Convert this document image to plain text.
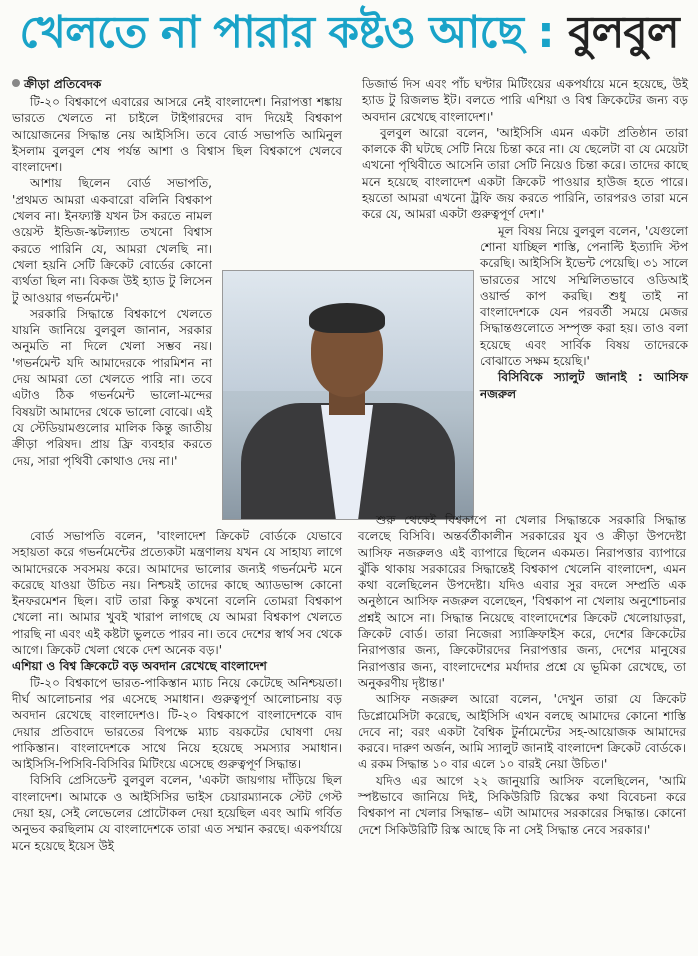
খেলতে না পারার কষ্টও আছে : বুলবুল
ক্রীড়া প্রতিবেদক

টি-২০ বিশ্বকাপে এবারের আসরে নেই বাংলাদেশ। নিরাপত্তা শঙ্কায় ভারতে খেলতে না চাইলে টাইগারদের বাদ দিয়েই বিশ্বকাপ আয়োজনের সিদ্ধান্ত নেয় আইসিসি। তবে বোর্ড সভাপতি আমিনুল ইসলাম বুলবুল শেষ পর্যন্ত আশা ও বিশ্বাস ছিল বিশ্বকাপে খেলবে বাংলাদেশ।

আশায় ছিলেন বোর্ড সভাপতি, 'প্রথমত আমরা একবারো বলিনি বিশ্বকাপ খেলব না। ইনফ্যাক্ট যখন টস করতে নামল ওয়েস্ট ইন্ডিজ-স্কটল্যান্ড তখনো বিশ্বাস করতে পারিনি যে, আমরা খেলছি না। খেলা হয়নি সেটি ক্রিকেট বোর্ডের কোনো ব্যর্থতা ছিল না। বিকজ উই হ্যাড টু লিসেন টু আওয়ার গভর্নমেন্ট।'

সরকারি সিদ্ধান্তে বিশ্বকাপে খেলতে যায়নি জানিয়ে বুলবুল জানান, সরকার অনুমতি না দিলে খেলা সম্ভব নয়। 'গভর্নমেন্ট যদি আমাদেরকে পারমিশন না দেয় আমরা তো খেলতে পারি না। তবে এটাও ঠিক গভর্নমেন্ট ভালো-মন্দের বিষয়টা আমাদের থেকে ভালো বোঝে। এই যে স্টেডিয়ামগুলোর মালিক কিন্তু জাতীয় ক্রীড়া পরিষদ। প্রায় ফ্রি ব্যবহার করতে দেয়, সারা পৃথিবী কোথাও দেয় না।'

ডিজার্ভ দিস এবং পাঁচ ঘণ্টার মিটিংয়ের একপর্যায়ে মনে হয়েছে, উই হ্যাড টু রিজলভ ইট। বলতে পারি এশিয়া ও বিশ্ব ক্রিকেটের জন্য বড় অবদান রেখেছে বাংলাদেশ।'

বুলবুল আরো বলেন, 'আইসিসি এমন একটা প্রতিষ্ঠান তারা কালকে কী ঘটছে সেটি নিয়ে চিন্তা করে না। যে ছেলেটা বা যে মেয়েটা এখনো পৃথিবীতে আসেনি তারা সেটি নিয়েও চিন্তা করে। তাদের কাছে মনে হয়েছে বাংলাদেশ একটা ক্রিকেট পাওয়ার হাউজ হতে পারে। হয়তো আমরা এখনো ট্রফি জয় করতে পারিনি, তারপরও তারা মনে করে যে, আমরা একটা গুরুত্বপূর্ণ দেশ।'

মূল বিষয় নিয়ে বুলবুল বলেন, 'যেগুলো শোনা যাচ্ছিল শাস্তি, পেনাল্টি ইত্যাদি স্টপ করেছি। আইসিসি ইভেন্ট পেয়েছি। ৩১ সালে ভারতের সাথে সম্মিলিতভাবে ওডিআই ওয়ার্ল্ড কাপ করছি। শুধু তাই না বাংলাদেশকে যেন পরবর্তী সময়ে মেজর সিদ্ধান্তগুলোতে সম্পৃক্ত করা হয়। তাও বলা হয়েছে এবং সার্বিক বিষয় তাদেরকে বোঝাতে সক্ষম হয়েছি।'

বিসিবিকে স্যালুট জানাই : আসিফ নজরুল

বোর্ড সভাপতি বলেন, 'বাংলাদেশ ক্রিকেট বোর্ডকে যেভাবে সহায়তা করে গভর্নমেন্টের প্রত্যেকটা মন্ত্রণালয় যখন যে সাহায্য লাগে আমাদেরকে সবসময় করে। আমাদের ভালোর জন্যই গভর্নমেন্ট মনে করেছে যাওয়া উচিত নয়। নিশ্চয়ই তাদের কাছে অ্যাডভান্স কোনো ইনফরমেশন ছিল। বাট তারা কিন্তু কখনো বলেনি তোমরা বিশ্বকাপ খেলো না। আমার খুবই খারাপ লাগছে যে আমরা বিশ্বকাপ খেলতে পারছি না এবং এই কষ্টটা ভুলতে পারব না। তবে দেশের স্বার্থ সব থেকে আগে। ক্রিকেট খেলা থেকে দেশ অনেক বড়।'

এশিয়া ও বিশ্ব ক্রিকেটে বড় অবদান রেখেছে বাংলাদেশ

টি-২০ বিশ্বকাপে ভারত-পাকিস্তান ম্যাচ নিয়ে কেটেছে অনিশ্চয়তা। দীর্ঘ আলোচনার পর এসেছে সমাধান। গুরুত্বপূর্ণ আলোচনায় বড় অবদান রেখেছে বাংলাদেশও। টি-২০ বিশ্বকাপে বাংলাদেশকে বাদ দেয়ার প্রতিবাদে ভারতের বিপক্ষে ম্যাচ বয়কটের ঘোষণা দেয় পাকিস্তান। বাংলাদেশকে সাথে নিয়ে হয়েছে সমস্যার সমাধান। আইসিসি-পিসিবি-বিসিবির মিটিংয়ে এসেছে গুরুত্বপূর্ণ সিদ্ধান্ত।

বিসিবি প্রেসিডেন্ট বুলবুল বলেন, 'একটা জায়গায় দাঁড়িয়ে ছিল বাংলাদেশ। আমাকে ও আইসিসির ভাইস চেয়ারম্যানকে স্টেট গেস্ট দেয়া হয়, সেই লেভেলের প্রোটোকল দেয়া হয়েছিল এবং আমি গর্বিত অনুভব করছিলাম যে বাংলাদেশকে তারা এত সম্মান করছে। একপর্যায়ে মনে হয়েছে ইয়েস উই

শুরু থেকেই বিশ্বকাপে না খেলার সিদ্ধান্তকে সরকারি সিদ্ধান্ত বলেছে বিসিবি। অন্তর্বর্তীকালীন সরকারের যুব ও ক্রীড়া উপদেষ্টা আসিফ নজরুলও এই ব্যাপারে ছিলেন একমত। নিরাপত্তার ব্যাপারে ঝুঁকি থাকায় সরকারের সিদ্ধান্তেই বিশ্বকাপ খেলেনি বাংলাদেশ, এমন কথা বলেছিলেন উপদেষ্টা। যদিও এবার সুর বদলে সম্প্রতি এক অনুষ্ঠানে আসিফ নজরুল বলেছেন, 'বিশ্বকাপ না খেলায় অনুশোচনার প্রশ্নই আসে না। সিদ্ধান্ত নিয়েছে বাংলাদেশের ক্রিকেট খেলোয়াড়রা, ক্রিকেট বোর্ড। তারা নিজেরা স্যাক্রিফাইস করে, দেশের ক্রিকেটের নিরাপত্তার জন্য, ক্রিকেটারদের নিরাপত্তার জন্য, দেশের মানুষের নিরাপত্তার জন্য, বাংলাদেশের মর্যাদার প্রশ্নে যে ভূমিকা রেখেছে, তা অনুকরণীয় দৃষ্টান্ত।'

আসিফ নজরুল আরো বলেন, 'দেখুন তারা যে ক্রিকেট ডিপ্লোমেসিটা করেছে, আইসিসি এখন বলছে আমাদের কোনো শাস্তি দেবে না; বরং একটা বৈশ্বিক টুর্নামেন্টের সহ-আয়োজক আমাদের করবে। দারুণ অর্জন, আমি স্যালুট জানাই বাংলাদেশ ক্রিকেট বোর্ডকে। এ রকম সিদ্ধান্ত ১০ বার এলে ১০ বারই নেয়া উচিত।'

যদিও এর আগে ২২ জানুয়ারি আসিফ বলেছিলেন, 'আমি স্পষ্টভাবে জানিয়ে দিই, সিকিউরিটি রিস্কের কথা বিবেচনা করে বিশ্বকাপ না খেলার সিদ্ধান্ত– এটা আমাদের সরকারের সিদ্ধান্ত। কোনো দেশে সিকিউরিটি রিস্ক আছে কি না সেই সিদ্ধান্ত নেবে সরকার।'
